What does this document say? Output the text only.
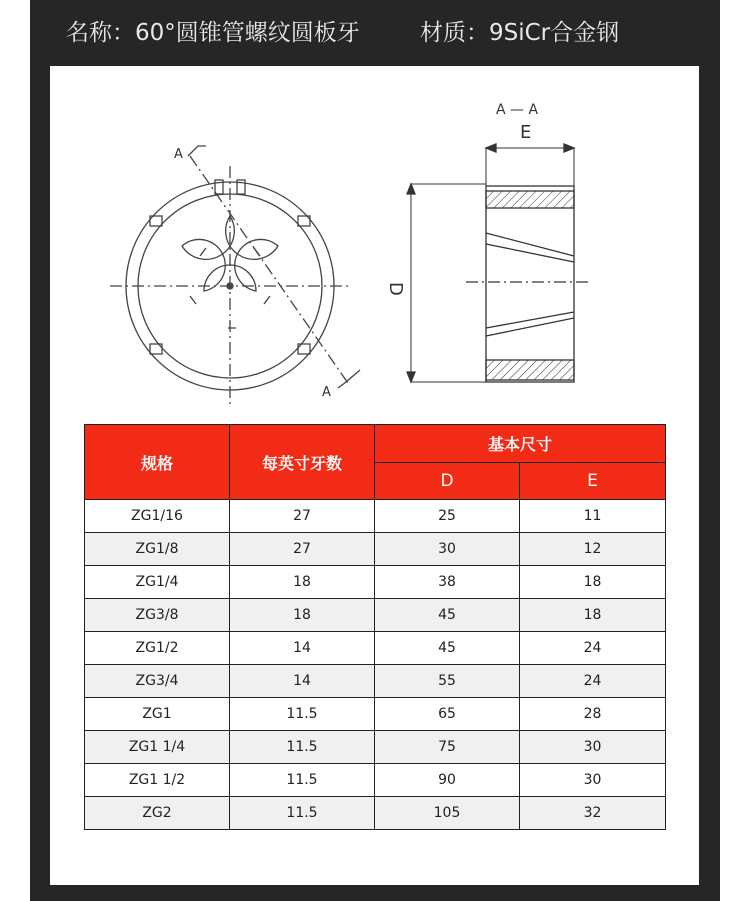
名称：60°圆锥管螺纹圆板牙	材质：9SiCr合金钢
A
A
A — A
E
D
规格	每英寸牙数	基本尺寸	
		D	E
ZG1/16	27	25	11
ZG1/8	27	30	12
ZG1/4	18	38	18
ZG3/8	18	45	18
ZG1/2	14	45	24
ZG3/4	14	55	24
ZG1	11.5	65	28
ZG1 1/4	11.5	75	30
ZG1 1/2	11.5	90	30
ZG2	11.5	105	32
